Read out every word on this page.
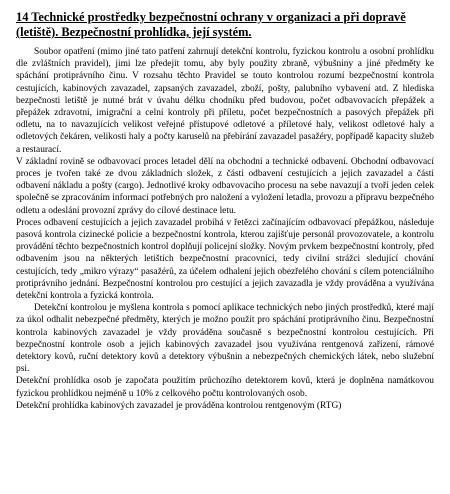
14 Technické prostředky bezpečnostní ochrany v organizaci a při dopravě (letiště). Bezpečnostní prohlídka, její systém.

Soubor opatření (mimo jiné tato patření zahrnují detekční kontrolu, fyzickou kontrolu a osobní prohlídku dle zvláštních pravidel), jimi lze předejít tomu, aby byly použity zbraně, výbušniny a jiné předměty ke spáchání protiprávního činu. V rozsahu těchto Pravidel se touto kontrolou rozumí bezpečnostní kontrola cestujících, kabinových zavazadel, zapsaných zavazadel, zboží, pošty, palubního vybavení atd. Z hlediska bezpečnosti letiště je nutné brát v úvahu délku chodníku před budovou, počet odbavovacích přepážek a přepážek zdravotní, imigrační a celní kontroly při příletu, počet bezpečnostních a pasových přepážek při odletu, na to navazujících velikost veřejné přístupové odletové a příletové haly, velikost odletové haly a odletových čekáren, velikosti haly a počty karuselů na přebírání zavazadel pasažéry, popřípadě kapacity služeb a restaurací.

V základní rovině se odbavovací proces letadel dělí na obchodní a technické odbavení. Obchodní odbavovací proces je tvořen také ze dvou základních složek, z části odbavení cestujících a jejich zavazadel a části odbavení nákladu a pošty (cargo). Jednotlivé kroky odbavovacího procesu na sebe navazují a tvoří jeden celek společně se zpracováním informací potřebných pro naložení a vyložení letadla, provozu a přípravu bezpečného odletu a odeslání provozní zprávy do cílové destinace letu.

Proces odbavení cestujících a jejich zavazadel probíhá v řetězci začínajícím odbavovací přepážkou, následuje pasová kontrola cizinecké policie a bezpečnostní kontrola, kterou zajišťuje personál provozovatele, a kontrolu provádění těchto bezpečnostních kontrol doplňují policejní složky. Novým prvkem bezpečnostní kontroly, před odbavením jsou na některých letištích bezpečnostní pracovníci, tedy civilní strážci sledující chování cestujících, tedy „mikro výrazy“ pasažérů, za účelem odhalení jejich obezřelého chování s cílem potenciálního protiprávního jednání. Bezpečnostní kontrolou pro cestující a jejich zavazadla je vždy prováděna a využívána detekční kontrola a fyzická kontrola.

Detekční kontrolou je myšlena kontrola s pomocí aplikace technických nebo jiných prostředků, které mají za úkol odhalit nebezpečné předměty, kterých je možno použít pro spáchání protiprávního činu. Bezpečnostní kontrola kabinových zavazadel je vždy prováděna současně s bezpečnostní kontrolou cestujících. Při bezpečnostní kontrole osob a jejich kabinových zavazadel jsou využívána rentgenová zařízení, rámové detektory kovů, ruční detektory kovů a detektory výbušnin a nebezpečných chemických látek, nebo služební psi.

Detekční prohlídka osob je započata použitím průchozího detektorem kovů, která je doplněna namátkovou fyzickou prohlídkou nejméně u 10% z celkového počtu kontrolovaných osob.

Detekční prohlídka kabinových zavazadel je prováděna kontrolou rentgenovým (RTG)
